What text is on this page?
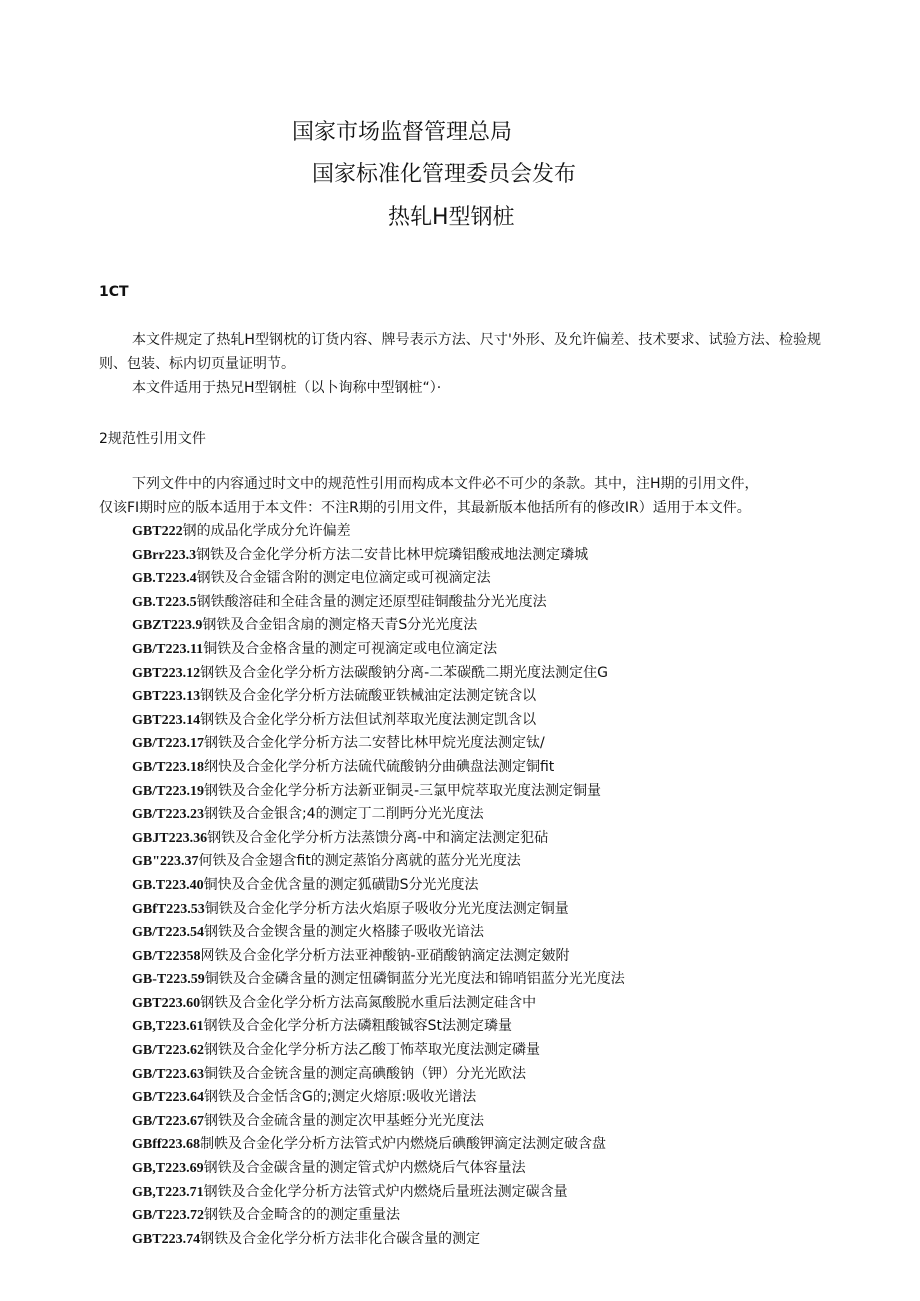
国家市场监督管理总局
国家标准化管理委员会发布
热轧H型钢桩
1CT

本文件规定了热轧H型钢枕的订货内容、牌号表示方法、尺寸'外形、及允许偏差、技术要求、试验方法、检验规则、包装、标内切页量证明节。

本文件适用于热兄H型钢桩（以卜询称中型钢桩“）·

2规范性引用文件
下列文件中的内容通过时文中的规范性引用而构成本文件必不可少的条款。其中，注H期的引用文件，
仅该FI期时应的版本适用于本文件：不注R期的引用文件，其最新版本他括所有的修改IR）适用于本文件。
GBT222钢的成品化学成分允许偏差
GBrr223.3钢铁及合金化学分析方法二安昔比林甲烷璘铝酸戒地法测定璘城
GB.T223.4钢铁及合金镭含附的测定电位滴定或可视滴定法
GB.T223.5钢铁酸溶硅和全硅含量的测定还原型硅铜酸盐分光光度法
GBZT223.9钢铁及合金铝含扇的测定格天青S分光光度法
GB/T223.11铜铁及合金格含量的测定可视滴定或电位滴定法
GBT223.12钢铁及合金化学分析方法碳酸钠分离-二苯碳酰二期光度法测定住G
GBT223.13钢铁及合金化学分析方法硫酸亚铁械油定法测定铳含以
GBT223.14钢铁及合金化学分析方法但试剂萃取光度法测定凯含以
GB/T223.17钢铁及合金化学分析方法二安替比林甲烷光度法测定钛/
GB/T223.18纲快及合金化学分析方法硫代硫酸钠分曲碘盘法测定铜fit
GB/T223.19钢铁及合金化学分析方法新亚铜灵-三氯甲烷萃取光度法测定铜量
GB/T223.23钢铁及合金银含;4的测定丁二削眄分光光度法
GBJT223.36钢铁及合金化学分析方法蒸馈分离-中和滴定法测定犯砧
GB"223.37何铁及合金翅含fit的测定蒸馅分离就的蓝分光光度法
GB.T223.40铜快及合金优含量的测定狐磺勖S分光光度法
GBfT223.53铜铁及合金化学分析方法火焰原子吸收分光光度法测定铜量
GB/T223.54钢铁及合金锲含量的测定火格膝子吸收光谙法
GB/T22358网铁及合金化学分析方法亚神酸钠-亚硝酸钠滴定法测定皴附
GB-T223.59铜铁及合金磷含量的测定忸磷铜蓝分光光度法和锦哨铝蓝分光光度法
GBT223.60钢铁及合金化学分析方法高氮酸脱水重后法测定硅含中
GB,T223.61钢铁及合金化学分析方法磷粗酸铖容St法测定璘量
GB/T223.62钢铁及合金化学分析方法乙酸丁怖萃取光度法测定磷量
GB/T223.63铜铁及合金铳含量的测定高碘酸钠（钾）分光光欧法
GB/T223.64钢铁及合金恬含G的;测定火熔原:吸收光谱法
GB/T223.67钢铁及合金硫含量的测定次甲基蛭分光光度法
GBff223.68制帙及合金化学分析方法管式炉内燃烧后碘酸钾滴定法测定破含盘
GB,T223.69钢铁及合金碳含量的测定管式炉内燃烧后气体容量法
GB,T223.71钢铁及合金化学分析方法管式炉内燃烧后量班法测定碳含量
GB/T223.72钢铁及合金畸含的的测定重量法
GBT223.74钢铁及合金化学分析方法非化合碳含量的测定
